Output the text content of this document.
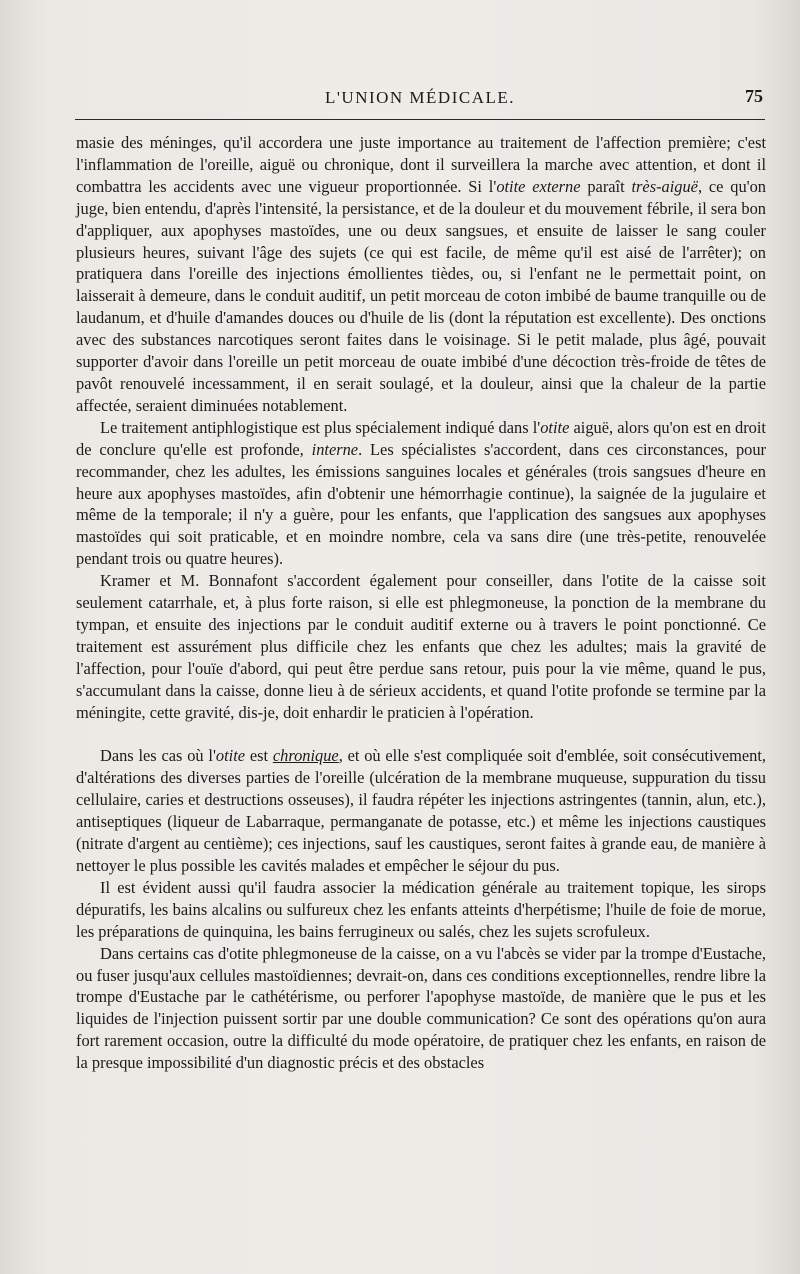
L'UNION MÉDICALE.	75

masie des méninges, qu'il accordera une juste importance au traitement de l'affection première; c'est l'inflammation de l'oreille, aiguë ou chronique, dont il surveillera la marche avec attention, et dont il combattra les accidents avec une vigueur proportionnée. Si l'otite externe paraît très-aiguë, ce qu'on juge, bien entendu, d'après l'intensité, la persistance, et de la douleur et du mouvement fébrile, il sera bon d'appliquer, aux apophyses mastoïdes, une ou deux sangsues, et ensuite de laisser le sang couler plusieurs heures, suivant l'âge des sujets (ce qui est facile, de même qu'il est aisé de l'arrêter); on pratiquera dans l'oreille des injections émollientes tièdes, ou, si l'enfant ne le permettait point, on laisserait à demeure, dans le conduit auditif, un petit morceau de coton imbibé de baume tranquille ou de laudanum, et d'huile d'amandes douces ou d'huile de lis (dont la réputation est excellente). Des onctions avec des substances narcotiques seront faites dans le voisinage. Si le petit malade, plus âgé, pouvait supporter d'avoir dans l'oreille un petit morceau de ouate imbibé d'une décoction très-froide de têtes de pavôt renouvelé incessamment, il en serait soulagé, et la douleur, ainsi que la chaleur de la partie affectée, seraient diminuées notablement.

Le traitement antiphlogistique est plus spécialement indiqué dans l'otite aiguë, alors qu'on est en droit de conclure qu'elle est profonde, interne. Les spécialistes s'accordent, dans ces circonstances, pour recommander, chez les adultes, les émissions sanguines locales et générales (trois sangsues d'heure en heure aux apophyses mastoïdes, afin d'obtenir une hémorrhagie continue), la saignée de la jugulaire et même de la temporale; il n'y a guère, pour les enfants, que l'application des sangsues aux apophyses mastoïdes qui soit praticable, et en moindre nombre, cela va sans dire (une très-petite, renouvelée pendant trois ou quatre heures).

Kramer et M. Bonnafont s'accordent également pour conseiller, dans l'otite de la caisse soit seulement catarrhale, et, à plus forte raison, si elle est phlegmoneuse, la ponction de la membrane du tympan, et ensuite des injections par le conduit auditif externe ou à travers le point ponctionné. Ce traitement est assurément plus difficile chez les enfants que chez les adultes; mais la gravité de l'affection, pour l'ouïe d'abord, qui peut être perdue sans retour, puis pour la vie même, quand le pus, s'accumulant dans la caisse, donne lieu à de sérieux accidents, et quand l'otite profonde se termine par la méningite, cette gravité, dis-je, doit enhardir le praticien à l'opération.

Dans les cas où l'otite est chronique, et où elle s'est compliquée soit d'emblée, soit consécutivement, d'altérations des diverses parties de l'oreille (ulcération de la membrane muqueuse, suppuration du tissu cellulaire, caries et destructions osseuses), il faudra répéter les injections astringentes (tannin, alun, etc.), antiseptiques (liqueur de Labarraque, permanganate de potasse, etc.) et même les injections caustiques (nitrate d'argent au centième); ces injections, sauf les caustiques, seront faites à grande eau, de manière à nettoyer le plus possible les cavités malades et empêcher le séjour du pus.

Il est évident aussi qu'il faudra associer la médication générale au traitement topique, les sirops dépuratifs, les bains alcalins ou sulfureux chez les enfants atteints d'herpétisme; l'huile de foie de morue, les préparations de quinquina, les bains ferrugineux ou salés, chez les sujets scrofuleux.

Dans certains cas d'otite phlegmoneuse de la caisse, on a vu l'abcès se vider par la trompe d'Eustache, ou fuser jusqu'aux cellules mastoïdiennes; devrait-on, dans ces conditions exceptionnelles, rendre libre la trompe d'Eustache par le cathétérisme, ou perforer l'apophyse mastoïde, de manière que le pus et les liquides de l'injection puissent sortir par une double communication? Ce sont des opérations qu'on aura fort rarement occasion, outre la difficulté du mode opératoire, de pratiquer chez les enfants, en raison de la presque impossibilité d'un diagnostic précis et des obstacles
